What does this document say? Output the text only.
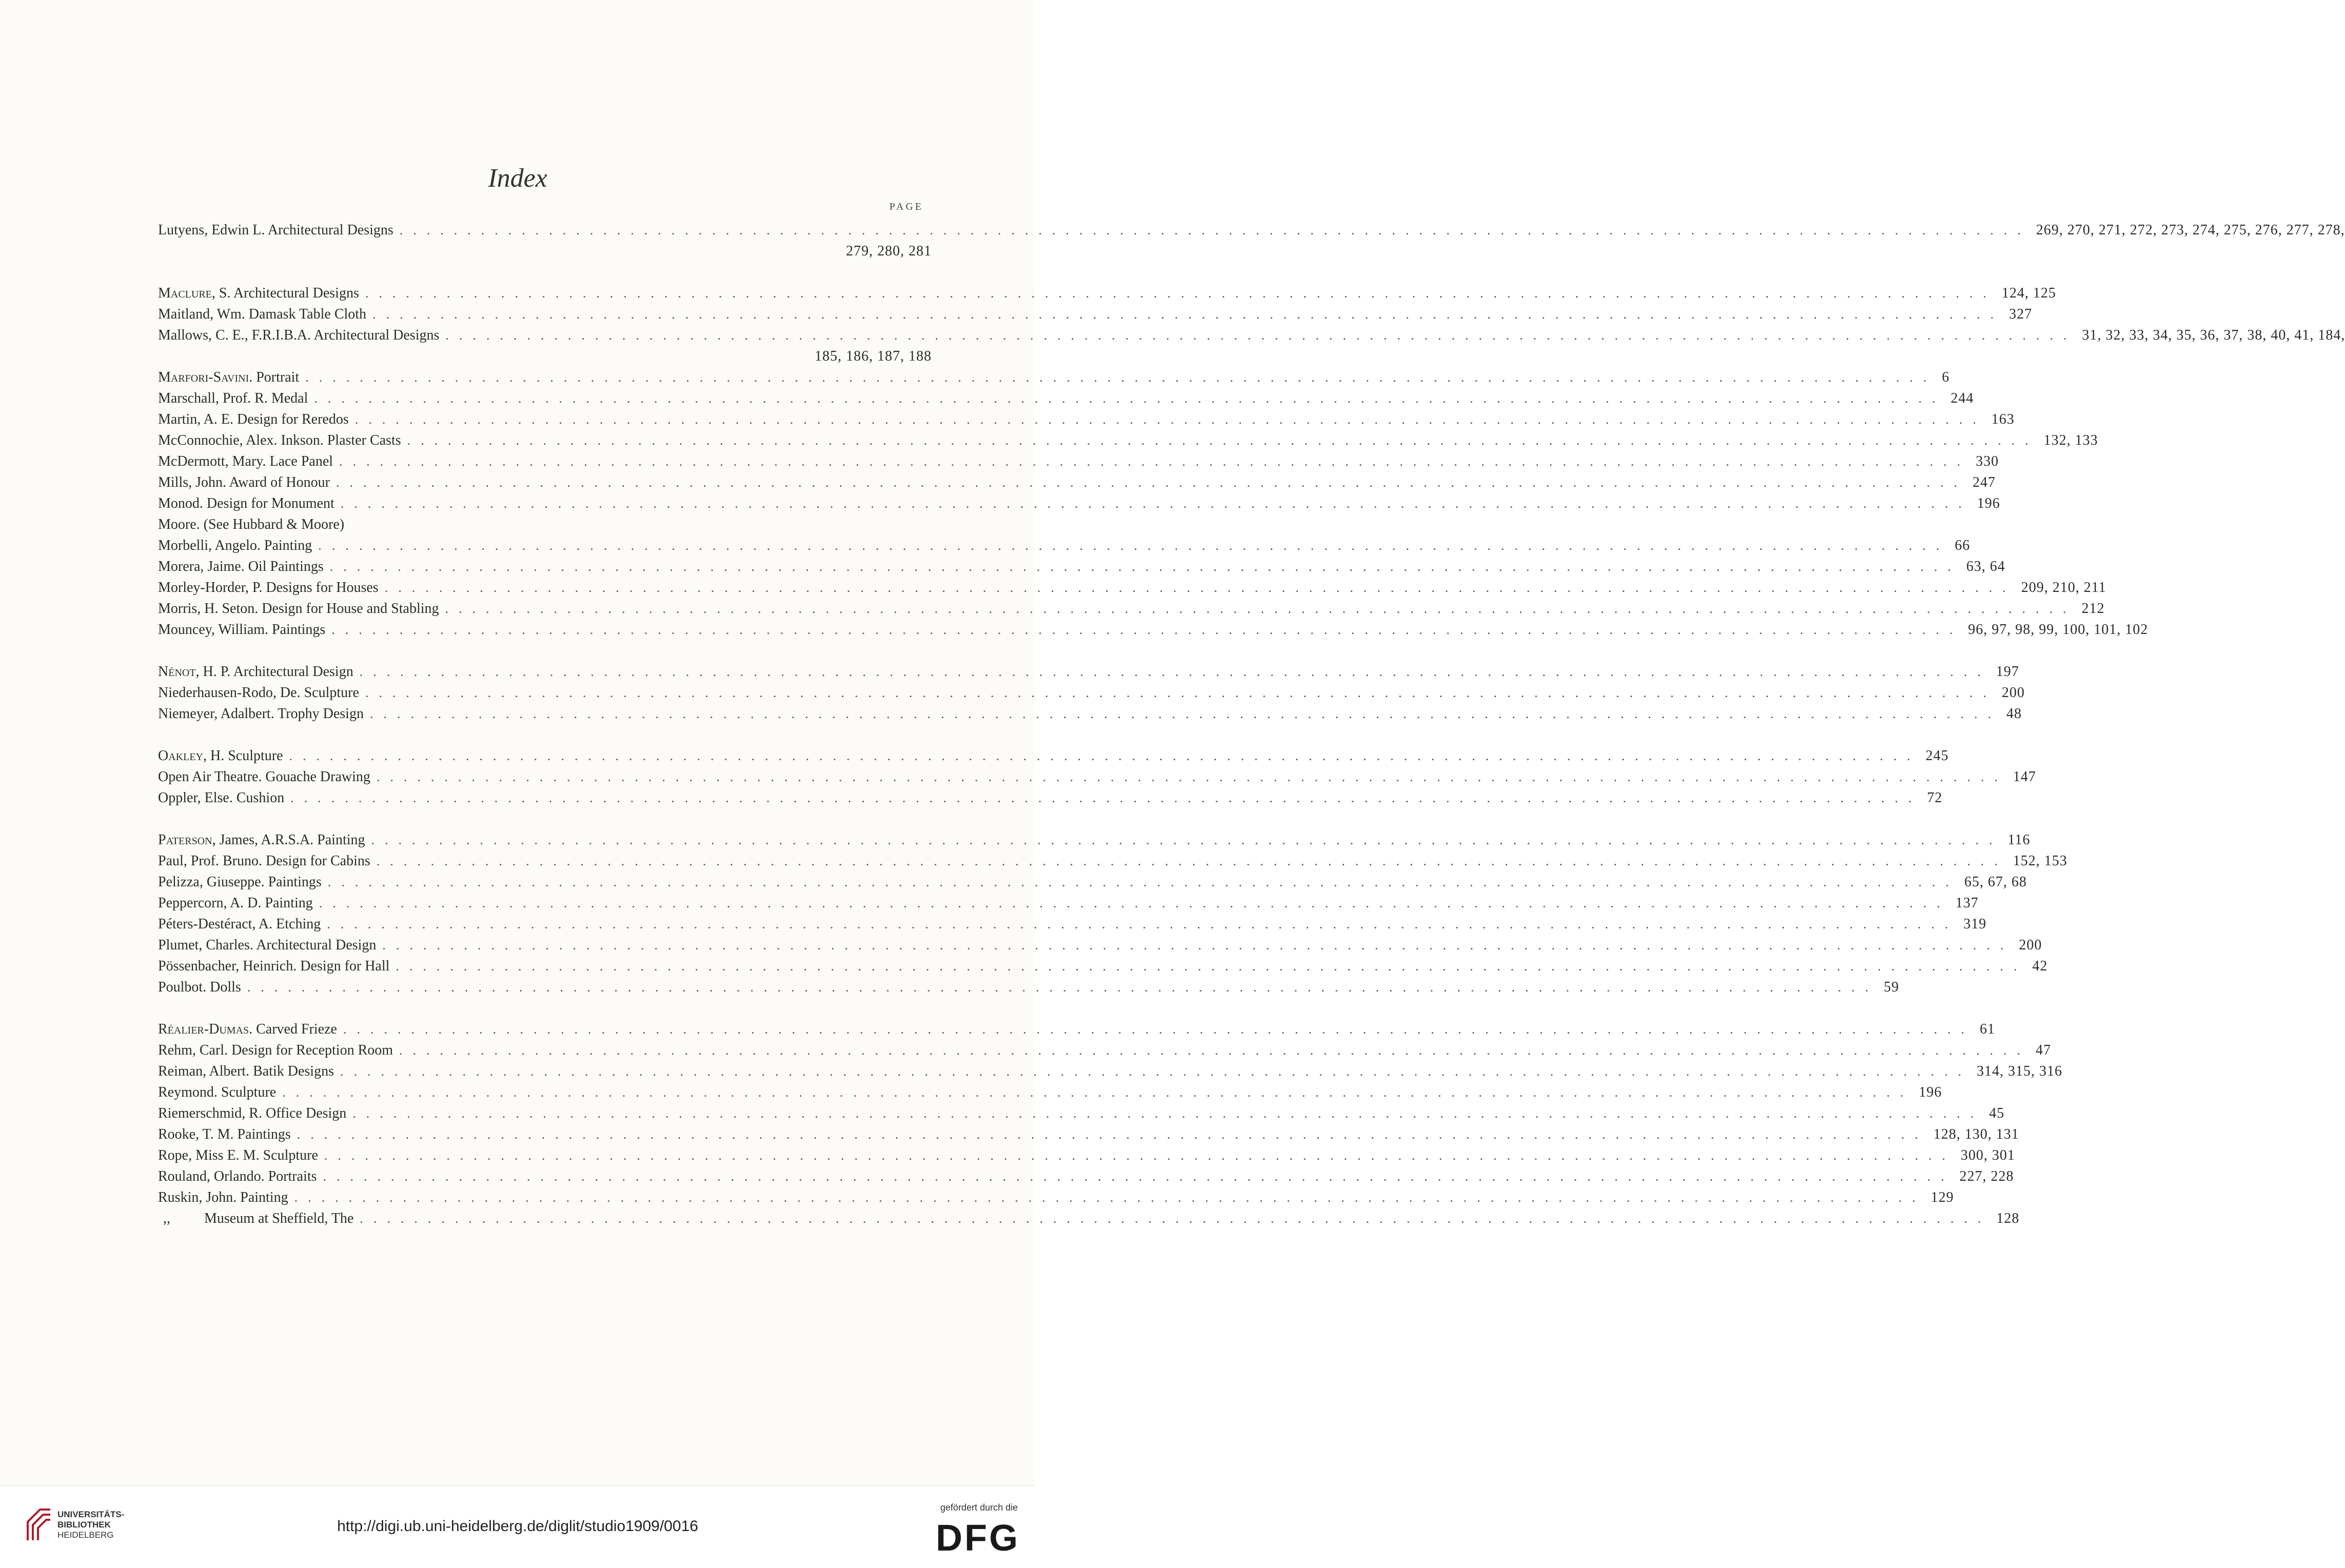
Index
PAGE
Lutyens, Edwin L. Architectural Designs ........................................................................................................................ 269, 270, 271, 272, 273, 274, 275, 276, 277, 278,
279, 280, 281
Maclure, S. Architectural Designs ........................................................................................................................ 124, 125
Maitland, Wm. Damask Table Cloth ........................................................................................................................ 327
Mallows, C. E., F.R.I.B.A. Architectural Designs ........................................................................................................................ 31, 32, 33, 34, 35, 36, 37, 38, 40, 41, 184,
185, 186, 187, 188
Marfori-Savini. Portrait ........................................................................................................................ 6
Marschall, Prof. R. Medal ........................................................................................................................ 244
Martin, A. E. Design for Reredos ........................................................................................................................ 163
McConnochie, Alex. Inkson. Plaster Casts ........................................................................................................................ 132, 133
McDermott, Mary. Lace Panel ........................................................................................................................ 330
Mills, John. Award of Honour ........................................................................................................................ 247
Monod. Design for Monument ........................................................................................................................ 196
Moore. (See Hubbard & Moore)
Morbelli, Angelo. Painting ........................................................................................................................ 66
Morera, Jaime. Oil Paintings ........................................................................................................................ 63, 64
Morley-Horder, P. Designs for Houses ........................................................................................................................ 209, 210, 211
Morris, H. Seton. Design for House and Stabling ........................................................................................................................ 212
Mouncey, William. Paintings ........................................................................................................................ 96, 97, 98, 99, 100, 101, 102
Nénot, H. P. Architectural Design ........................................................................................................................ 197
Niederhausen-Rodo, De. Sculpture ........................................................................................................................ 200
Niemeyer, Adalbert. Trophy Design ........................................................................................................................ 48
Oakley, H. Sculpture ........................................................................................................................ 245
Open Air Theatre. Gouache Drawing ........................................................................................................................ 147
Oppler, Else. Cushion ........................................................................................................................ 72
Paterson, James, A.R.S.A. Painting ........................................................................................................................ 116
Paul, Prof. Bruno. Design for Cabins ........................................................................................................................ 152, 153
Pelizza, Giuseppe. Paintings ........................................................................................................................ 65, 67, 68
Peppercorn, A. D. Painting ........................................................................................................................ 137
Péters-Destéract, A. Etching ........................................................................................................................ 319
Plumet, Charles. Architectural Design ........................................................................................................................ 200
Pössenbacher, Heinrich. Design for Hall ........................................................................................................................ 42
Poulbot. Dolls ........................................................................................................................ 59
Réalier-Dumas. Carved Frieze ........................................................................................................................ 61
Rehm, Carl. Design for Reception Room ........................................................................................................................ 47
Reiman, Albert. Batik Designs ........................................................................................................................ 314, 315, 316
Reymond. Sculpture ........................................................................................................................ 196
Riemerschmid, R. Office Design ........................................................................................................................ 45
Rooke, T. M. Paintings ........................................................................................................................ 128, 130, 131
Rope, Miss E. M. Sculpture ........................................................................................................................ 300, 301
Rouland, Orlando. Portraits ........................................................................................................................ 227, 228
Ruskin, John. Painting ........................................................................................................................ 129
,, Museum at Sheffield, The ........................................................................................................................ 128
UNIVERSITÄTS-
BIBLIOTHEK
HEIDELBERG
http://digi.ub.uni-heidelberg.de/diglit/studio1909/0016
gefördert durch die
DFG
